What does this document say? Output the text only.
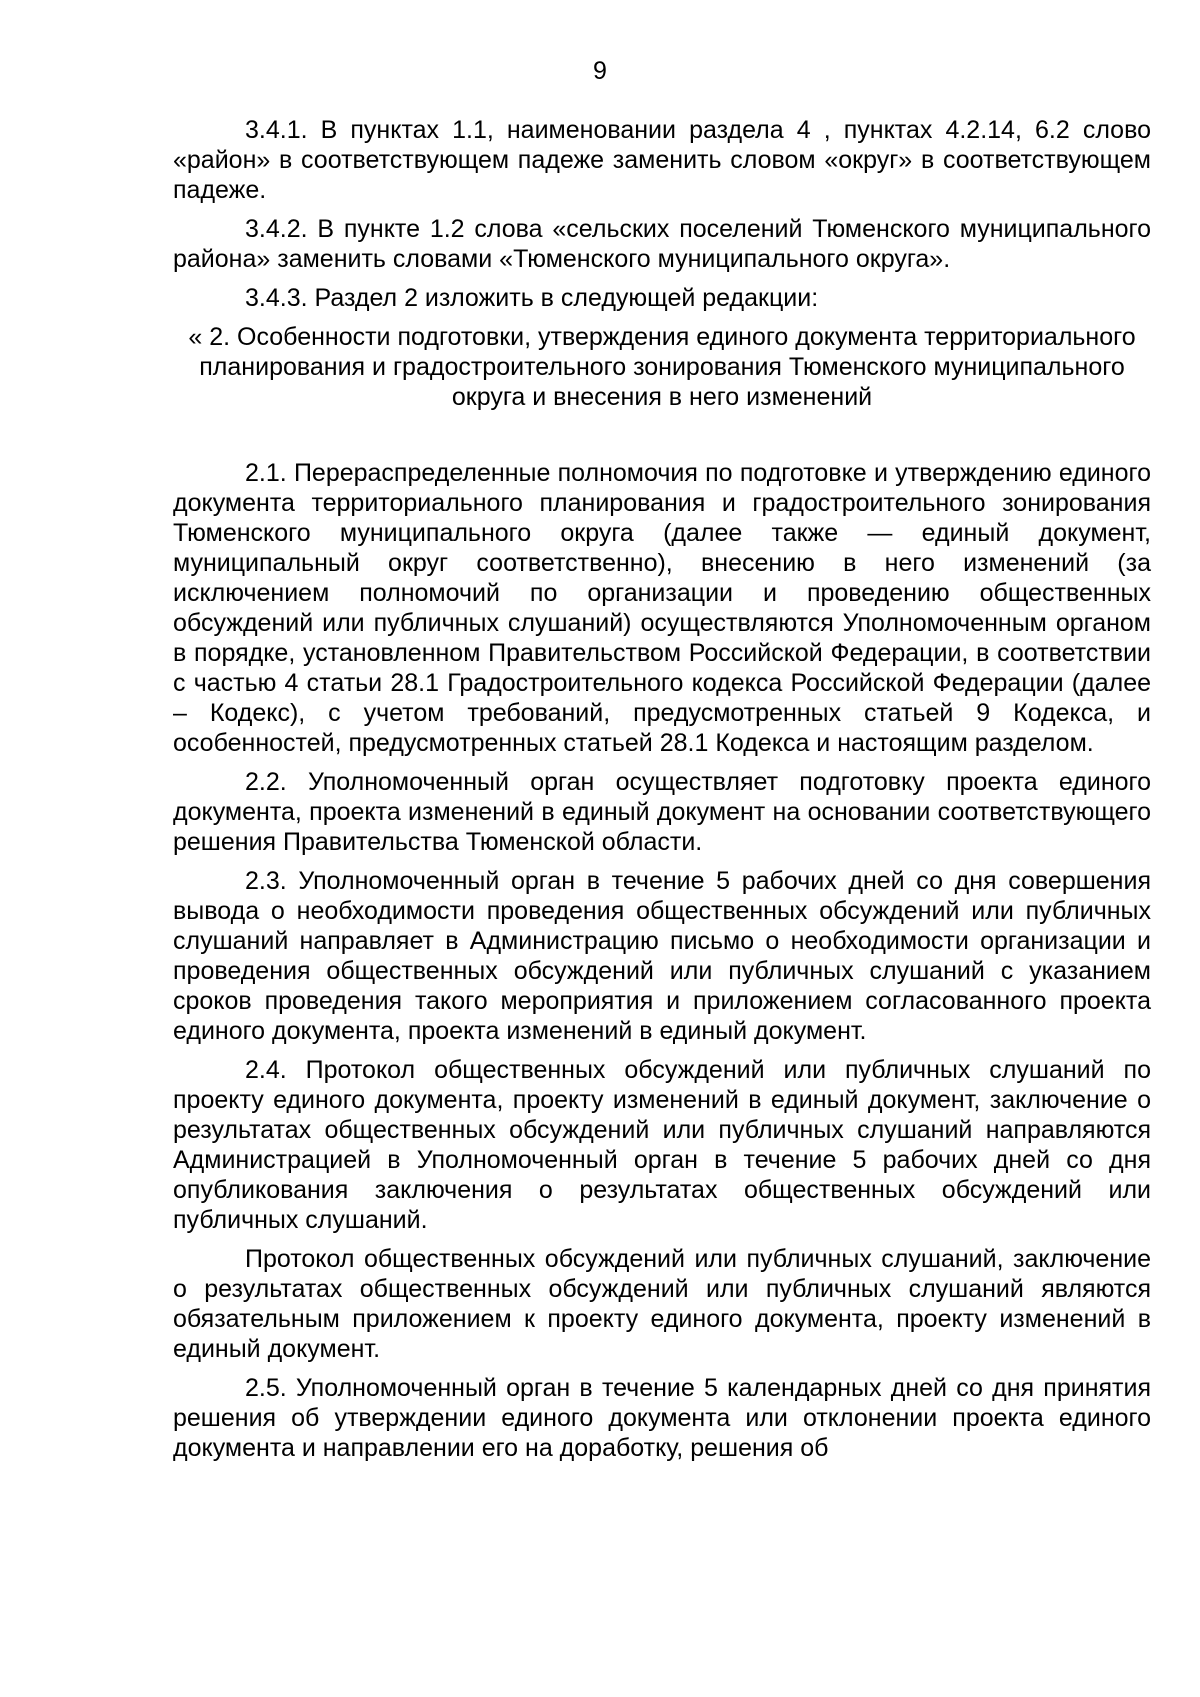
9

3.4.1. В пунктах 1.1, наименовании раздела 4 , пунктах 4.2.14, 6.2 слово «район» в соответствующем падеже заменить словом «округ» в соответствующем падеже.

3.4.2. В пункте 1.2 слова «сельских поселений Тюменского муниципального района» заменить словами «Тюменского муниципального округа».

3.4.3. Раздел 2 изложить в следующей редакции:

« 2. Особенности подготовки, утверждения единого документа территориального планирования и градостроительного зонирования Тюменского муниципального округа и внесения в него изменений

2.1. Перераспределенные полномочия по подготовке и утверждению единого документа территориального планирования и градостроительного зонирования Тюменского муниципального округа (далее также — единый документ, муниципальный округ соответственно), внесению в него изменений (за исключением полномочий по организации и проведению общественных обсуждений или публичных слушаний) осуществляются Уполномоченным органом в порядке, установленном Правительством Российской Федерации, в соответствии с частью 4 статьи 28.1 Градостроительного кодекса Российской Федерации (далее – Кодекс), с учетом требований, предусмотренных статьей 9 Кодекса, и особенностей, предусмотренных статьей 28.1 Кодекса и настоящим разделом.

2.2. Уполномоченный орган осуществляет подготовку проекта единого документа, проекта изменений в единый документ на основании соответствующего решения Правительства Тюменской области.

2.3. Уполномоченный орган в течение 5 рабочих дней со дня совершения вывода о необходимости проведения общественных обсуждений или публичных слушаний направляет в Администрацию письмо о необходимости организации и проведения общественных обсуждений или публичных слушаний с указанием сроков проведения такого мероприятия и приложением согласованного проекта единого документа, проекта изменений в единый документ.

2.4. Протокол общественных обсуждений или публичных слушаний по проекту единого документа, проекту изменений в единый документ, заключение о результатах общественных обсуждений или публичных слушаний направляются Администрацией в Уполномоченный орган в течение 5 рабочих дней со дня опубликования заключения о результатах общественных обсуждений или публичных слушаний.

Протокол общественных обсуждений или публичных слушаний, заключение о результатах общественных обсуждений или публичных слушаний являются обязательным приложением к проекту единого документа, проекту изменений в единый документ.

2.5. Уполномоченный орган в течение 5 календарных дней со дня принятия решения об утверждении единого документа или отклонении проекта единого документа и направлении его на доработку, решения об
